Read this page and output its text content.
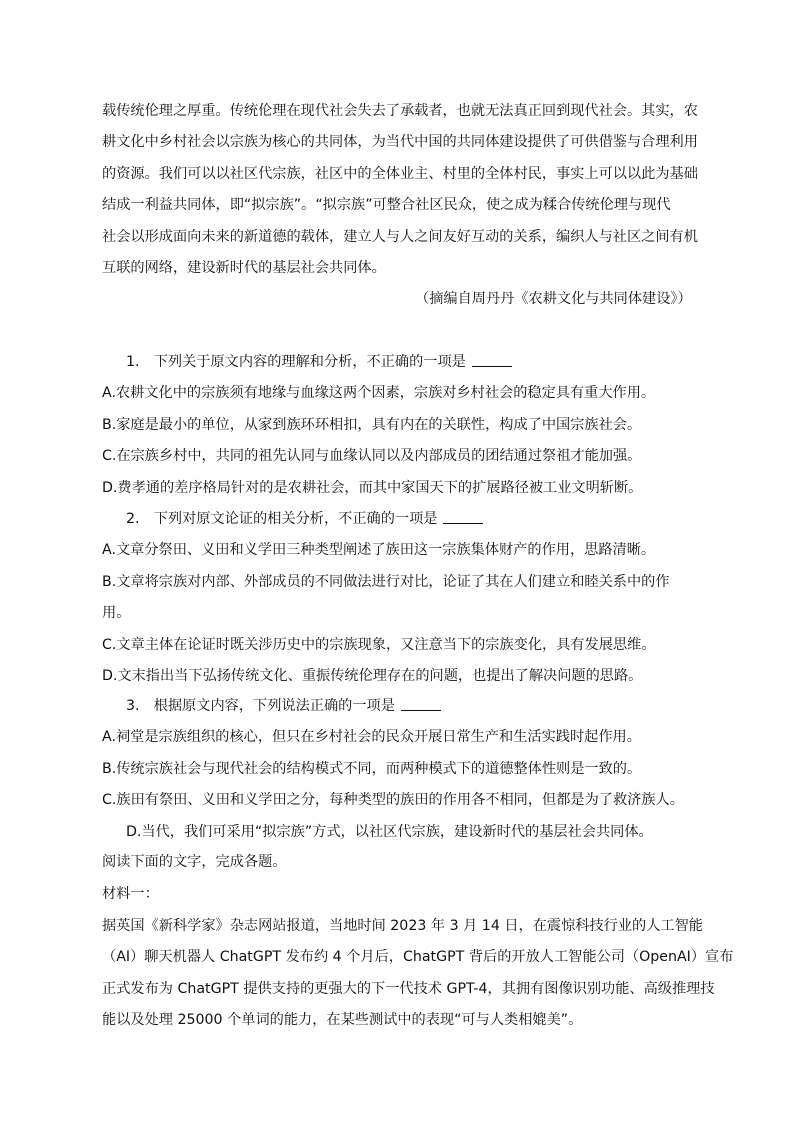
载传统伦理之厚重。传统伦理在现代社会失去了承载者，也就无法真正回到现代社会。其实，农
耕文化中乡村社会以宗族为核心的共同体，为当代中国的共同体建设提供了可供借鉴与合理利用
的资源。我们可以以社区代宗族，社区中的全体业主、村里的全体村民，事实上可以以此为基础
结成一利益共同体，即“拟宗族”。“拟宗族”可整合社区民众，使之成为糅合传统伦理与现代
社会以形成面向未来的新道德的载体，建立人与人之间友好互动的关系，编织人与社区之间有机
互联的网络，建设新时代的基层社会共同体。
（摘编自周丹丹《农耕文化与共同体建设》）
1.　下列关于原文内容的理解和分析，不正确的一项是
A.农耕文化中的宗族须有地缘与血缘这两个因素，宗族对乡村社会的稳定具有重大作用。
B.家庭是最小的单位，从家到族环环相扣，具有内在的关联性，构成了中国宗族社会。
C.在宗族乡村中，共同的祖先认同与血缘认同以及内部成员的团结通过祭祖才能加强。
D.费孝通的差序格局针对的是农耕社会，而其中家国天下的扩展路径被工业文明斩断。
2.　下列对原文论证的相关分析，不正确的一项是
A.文章分祭田、义田和义学田三种类型阐述了族田这一宗族集体财产的作用，思路清晰。
B.文章将宗族对内部、外部成员的不同做法进行对比，论证了其在人们建立和睦关系中的作
用。
C.文章主体在论证时既关涉历史中的宗族现象，又注意当下的宗族变化，具有发展思维。
D.文末指出当下弘扬传统文化、重振传统伦理存在的问题，也提出了解决问题的思路。
3.　根据原文内容，下列说法正确的一项是
A.祠堂是宗族组织的核心，但只在乡村社会的民众开展日常生产和生活实践时起作用。
B.传统宗族社会与现代社会的结构模式不同，而两种模式下的道德整体性则是一致的。
C.族田有祭田、义田和义学田之分，每种类型的族田的作用各不相同，但都是为了救济族人。
D.当代，我们可采用“拟宗族”方式，以社区代宗族，建设新时代的基层社会共同体。
阅读下面的文字，完成各题。
材料一：
据英国《新科学家》杂志网站报道，当地时间 2023 年 3 月 14 日，在震惊科技行业的人工智能
（AI）聊天机器人 ChatGPT 发布约 4 个月后，ChatGPT 背后的开放人工智能公司（OpenAI）宣布
正式发布为 ChatGPT 提供支持的更强大的下一代技术 GPT-4，其拥有图像识别功能、高级推理技
能以及处理 25000 个单词的能力，在某些测试中的表现“可与人类相媲美”。
